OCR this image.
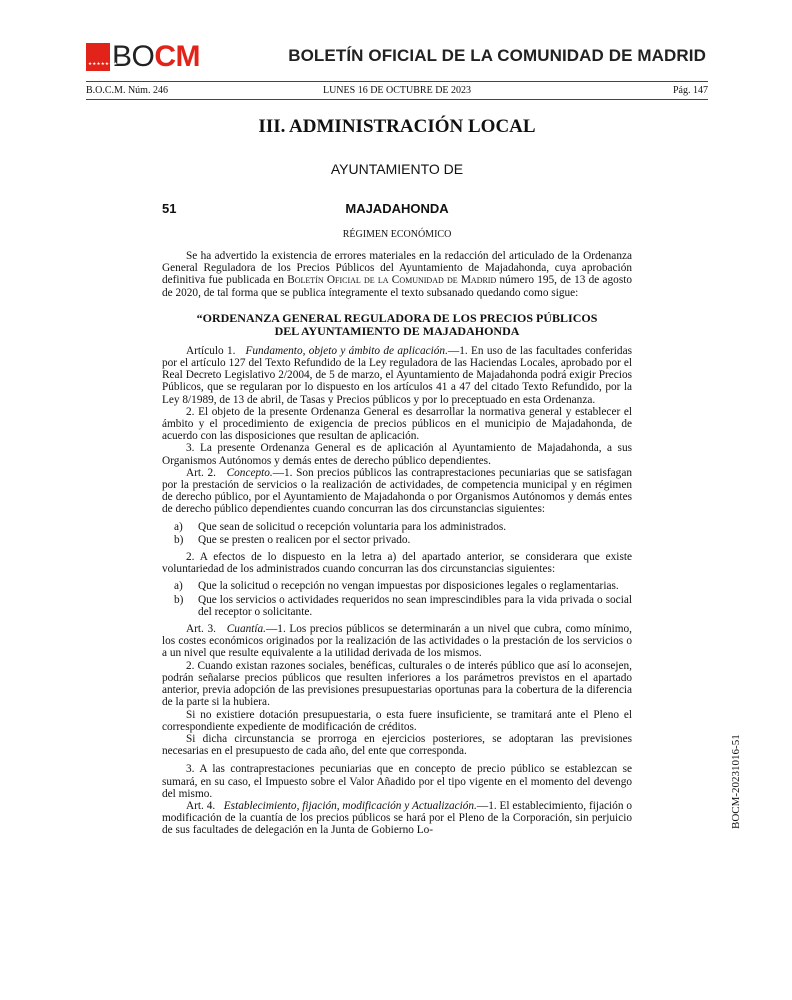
★★★★★★★
BOCM	BOLETÍN OFICIAL DE LA COMUNIDAD DE MADRID
B.O.C.M. Núm. 246	LUNES 16 DE OCTUBRE DE 2023	Pág. 147
III. ADMINISTRACIÓN LOCAL
AYUNTAMIENTO DE
51	MAJADAHONDA
RÉGIMEN ECONÓMICO

Se ha advertido la existencia de errores materiales en la redacción del articulado de la Ordenanza General Reguladora de los Precios Públicos del Ayuntamiento de Majadahonda, cuya aprobación definitiva fue publicada en Boletín Oficial de la Comunidad de Madrid número 195, de 13 de agosto de 2020, de tal forma que se publica íntegramente el texto subsanado quedando como sigue:

“ORDENANZA GENERAL REGULADORA DE LOS PRECIOS PÚBLICOS
DEL AYUNTAMIENTO DE MAJADAHONDA

Artículo 1. Fundamento, objeto y ámbito de aplicación.—1. En uso de las facultades conferidas por el artículo 127 del Texto Refundido de la Ley reguladora de las Haciendas Locales, aprobado por el Real Decreto Legislativo 2/2004, de 5 de marzo, el Ayuntamiento de Majadahonda podrá exigir Precios Públicos, que se regularan por lo dispuesto en los artículos 41 a 47 del citado Texto Refundido, por la Ley 8/1989, de 13 de abril, de Tasas y Precios públicos y por lo preceptuado en esta Ordenanza.

2. El objeto de la presente Ordenanza General es desarrollar la normativa general y establecer el ámbito y el procedimiento de exigencia de precios públicos en el municipio de Majadahonda, de acuerdo con las disposiciones que resultan de aplicación.

3. La presente Ordenanza General es de aplicación al Ayuntamiento de Majadahonda, a sus Organismos Autónomos y demás entes de derecho público dependientes.

Art. 2. Concepto.—1. Son precios públicos las contraprestaciones pecuniarias que se satisfagan por la prestación de servicios o la realización de actividades, de competencia municipal y en régimen de derecho público, por el Ayuntamiento de Majadahonda o por Organismos Autónomos y demás entes de derecho público dependientes cuando concurran las dos circunstancias siguientes:

a)	Que sean de solicitud o recepción voluntaria para los administrados.
b)	Que se presten o realicen por el sector privado.

2. A efectos de lo dispuesto en la letra a) del apartado anterior, se considerara que existe voluntariedad de los administrados cuando concurran las dos circunstancias siguientes:

a)	Que la solicitud o recepción no vengan impuestas por disposiciones legales o reglamentarias.
b)	Que los servicios o actividades requeridos no sean imprescindibles para la vida privada o social del receptor o solicitante.

Art. 3. Cuantía.—1. Los precios públicos se determinarán a un nivel que cubra, como mínimo, los costes económicos originados por la realización de las actividades o la prestación de los servicios o a un nivel que resulte equivalente a la utilidad derivada de los mismos.

2. Cuando existan razones sociales, benéficas, culturales o de interés público que así lo aconsejen, podrán señalarse precios públicos que resulten inferiores a los parámetros previstos en el apartado anterior, previa adopción de las previsiones presupuestarias oportunas para la cobertura de la diferencia de la parte si la hubiera.

Si no existiere dotación presupuestaria, o esta fuere insuficiente, se tramitará ante el Pleno el correspondiente expediente de modificación de créditos.

Si dicha circunstancia se prorroga en ejercicios posteriores, se adoptaran las previsiones necesarias en el presupuesto de cada año, del ente que corresponda.

3. A las contraprestaciones pecuniarias que en concepto de precio público se establezcan se sumará, en su caso, el Impuesto sobre el Valor Añadido por el tipo vigente en el momento del devengo del mismo.

Art. 4. Establecimiento, fijación, modificación y Actualización.—1. El establecimiento, fijación o modificación de la cuantía de los precios públicos se hará por el Pleno de la Corporación, sin perjuicio de sus facultades de delegación en la Junta de Gobierno Lo-

BOCM-20231016-51
